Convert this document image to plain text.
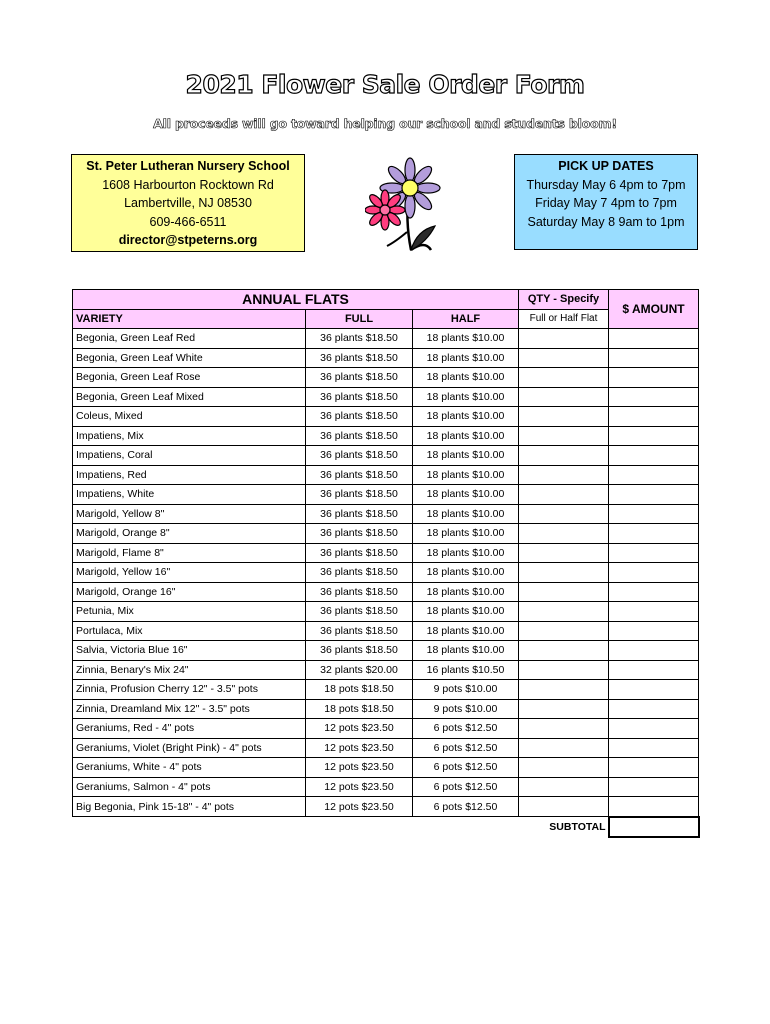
2021 Flower Sale Order Form
All proceeds will go toward helping our school and students bloom!
St. Peter Lutheran Nursery School
1608 Harbourton Rocktown Rd
Lambertville, NJ 08530
609-466-6511
director@stpeterns.org
PICK UP DATES
Thursday May 6 4pm to 7pm
Friday May 7 4pm to 7pm
Saturday May 8 9am to 1pm
ANNUAL FLATS			QTY - Specify	$ AMOUNT
VARIETY	FULL	HALF	Full or Half Flat	
Begonia, Green Leaf Red	36 plants $18.50	18 plants $10.00		
Begonia, Green Leaf White	36 plants $18.50	18 plants $10.00		
Begonia, Green Leaf Rose	36 plants $18.50	18 plants $10.00		
Begonia, Green Leaf Mixed	36 plants $18.50	18 plants $10.00		
Coleus, Mixed	36 plants $18.50	18 plants $10.00		
Impatiens, Mix	36 plants $18.50	18 plants $10.00		
Impatiens, Coral	36 plants $18.50	18 plants $10.00		
Impatiens, Red	36 plants $18.50	18 plants $10.00		
Impatiens, White	36 plants $18.50	18 plants $10.00		
Marigold, Yellow 8"	36 plants $18.50	18 plants $10.00		
Marigold, Orange 8"	36 plants $18.50	18 plants $10.00		
Marigold, Flame 8"	36 plants $18.50	18 plants $10.00		
Marigold, Yellow 16"	36 plants $18.50	18 plants $10.00		
Marigold, Orange 16"	36 plants $18.50	18 plants $10.00		
Petunia, Mix	36 plants $18.50	18 plants $10.00		
Portulaca, Mix	36 plants $18.50	18 plants $10.00		
Salvia, Victoria Blue 16"	36 plants $18.50	18 plants $10.00		
Zinnia, Benary's Mix 24"	32 plants $20.00	16 plants $10.50		
Zinnia, Profusion Cherry 12" - 3.5" pots	18 pots $18.50	9 pots $10.00		
Zinnia, Dreamland Mix 12" - 3.5" pots	18 pots $18.50	9 pots $10.00		
Geraniums, Red - 4" pots	12 pots $23.50	6 pots $12.50		
Geraniums, Violet (Bright Pink) - 4" pots	12 pots $23.50	6 pots $12.50		
Geraniums, White - 4" pots	12 pots $23.50	6 pots $12.50		
Geraniums, Salmon - 4" pots	12 pots $23.50	6 pots $12.50		
Big Begonia, Pink 15-18" - 4" pots	12 pots $23.50	6 pots $12.50		
			SUBTOTAL	
